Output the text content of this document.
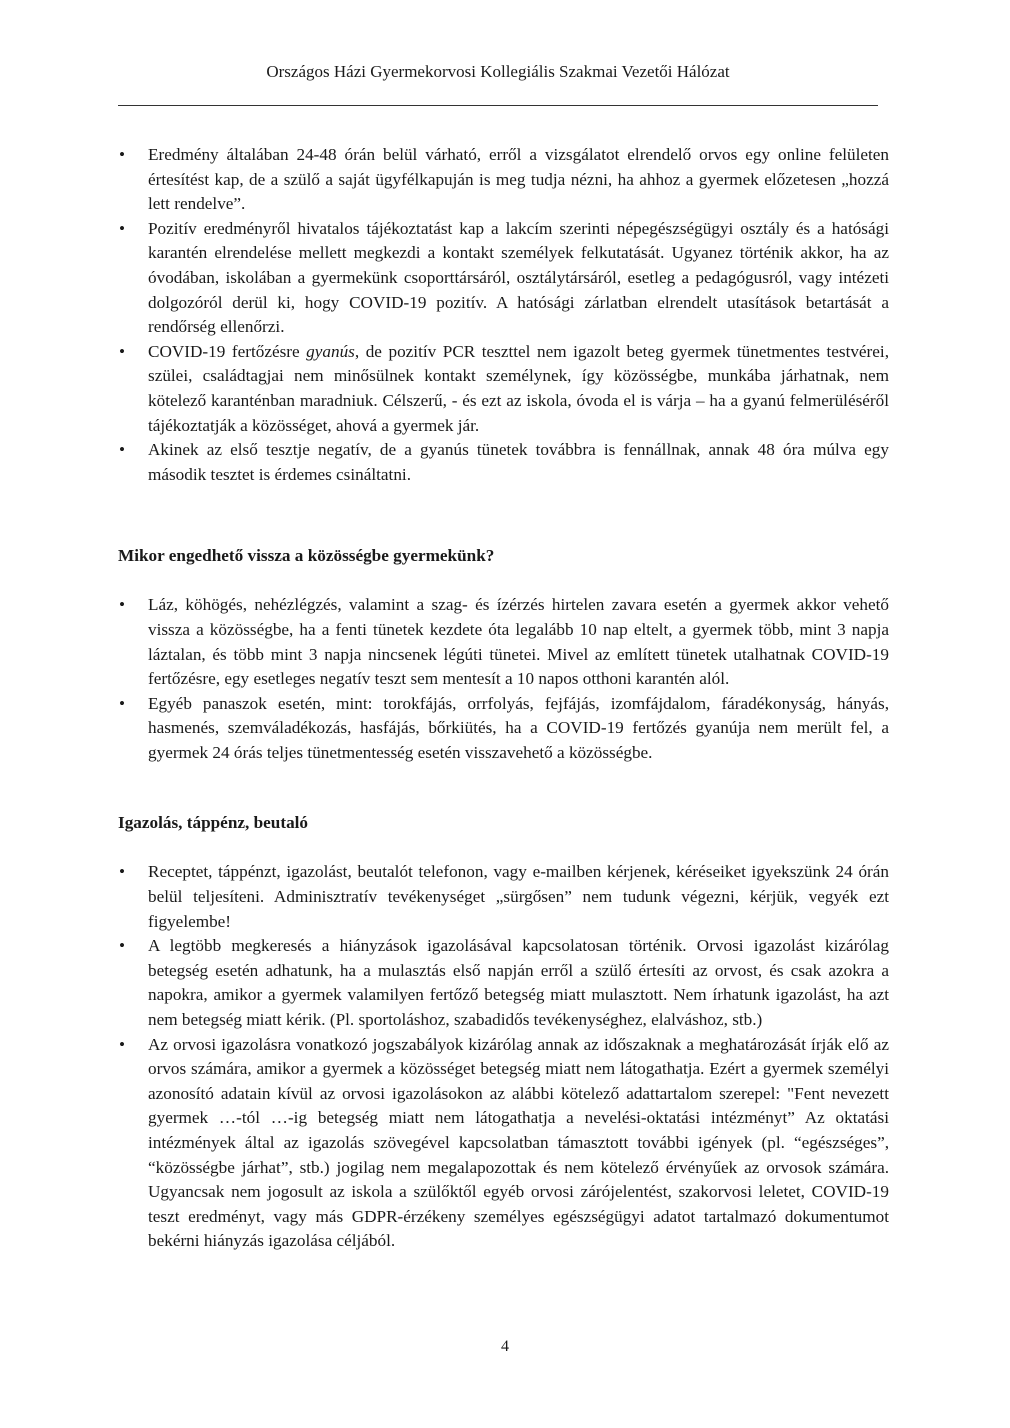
Országos Házi Gyermekorvosi Kollegiális Szakmai Vezetői Hálózat
• Eredmény általában 24-48 órán belül várható, erről a vizsgálatot elrendelő orvos egy online felületen értesítést kap, de a szülő a saját ügyfélkapuján is meg tudja nézni, ha ahhoz a gyermek előzetesen „hozzá lett rendelve”.
• Pozitív eredményről hivatalos tájékoztatást kap a lakcím szerinti népegészségügyi osztály és a hatósági karantén elrendelése mellett megkezdi a kontakt személyek felkutatását. Ugyanez történik akkor, ha az óvodában, iskolában a gyermekünk csoporttársáról, osztálytársáról, esetleg a pedagógusról, vagy intézeti dolgozóról derül ki, hogy COVID-19 pozitív. A hatósági zárlatban elrendelt utasítások betartását a rendőrség ellenőrzi.
• COVID-19 fertőzésre gyanús, de pozitív PCR teszttel nem igazolt beteg gyermek tünetmentes testvérei, szülei, családtagjai nem minősülnek kontakt személynek, így közösségbe, munkába járhatnak, nem kötelező karanténban maradniuk. Célszerű, - és ezt az iskola, óvoda el is várja – ha a gyanú felmerüléséről tájékoztatják a közösséget, ahová a gyermek jár.
• Akinek az első tesztje negatív, de a gyanús tünetek továbbra is fennállnak, annak 48 óra múlva egy második tesztet is érdemes csináltatni.
Mikor engedhető vissza a közösségbe gyermekünk?
• Láz, köhögés, nehézlégzés, valamint a szag- és ízérzés hirtelen zavara esetén a gyermek akkor vehető vissza a közösségbe, ha a fenti tünetek kezdete óta legalább 10 nap eltelt, a gyermek több, mint 3 napja láztalan, és több mint 3 napja nincsenek légúti tünetei. Mivel az említett tünetek utalhatnak COVID-19 fertőzésre, egy esetleges negatív teszt sem mentesít a 10 napos otthoni karantén alól.
• Egyéb panaszok esetén, mint: torokfájás, orrfolyás, fejfájás, izomfájdalom, fáradékonyság, hányás, hasmenés, szemváladékozás, hasfájás, bőrkiütés, ha a COVID-19 fertőzés gyanúja nem merült fel, a gyermek 24 órás teljes tünetmentesség esetén visszavehető a közösségbe.
Igazolás, táppénz, beutaló
• Receptet, táppénzt, igazolást, beutalót telefonon, vagy e-mailben kérjenek, kéréseiket igyekszünk 24 órán belül teljesíteni. Adminisztratív tevékenységet „sürgősen” nem tudunk végezni, kérjük, vegyék ezt figyelembe!
• A legtöbb megkeresés a hiányzások igazolásával kapcsolatosan történik. Orvosi igazolást kizárólag betegség esetén adhatunk, ha a mulasztás első napján erről a szülő értesíti az orvost, és csak azokra a napokra, amikor a gyermek valamilyen fertőző betegség miatt mulasztott. Nem írhatunk igazolást, ha azt nem betegség miatt kérik. (Pl. sportoláshoz, szabadidős tevékenységhez, elalváshoz, stb.)
• Az orvosi igazolásra vonatkozó jogszabályok kizárólag annak az időszaknak a meghatározását írják elő az orvos számára, amikor a gyermek a közösséget betegség miatt nem látogathatja. Ezért a gyermek személyi azonosító adatain kívül az orvosi igazolásokon az alábbi kötelező adattartalom szerepel: "Fent nevezett gyermek …-tól …-ig betegség miatt nem látogathatja a nevelési-oktatási intézményt” Az oktatási intézmények által az igazolás szövegével kapcsolatban támasztott további igények (pl. “egészséges”, “közösségbe járhat”, stb.) jogilag nem megalapozottak és nem kötelező érvényűek az orvosok számára. Ugyancsak nem jogosult az iskola a szülőktől egyéb orvosi zárójelentést, szakorvosi leletet, COVID-19 teszt eredményt, vagy más GDPR-érzékeny személyes egészségügyi adatot tartalmazó dokumentumot bekérni hiányzás igazolása céljából.
4
